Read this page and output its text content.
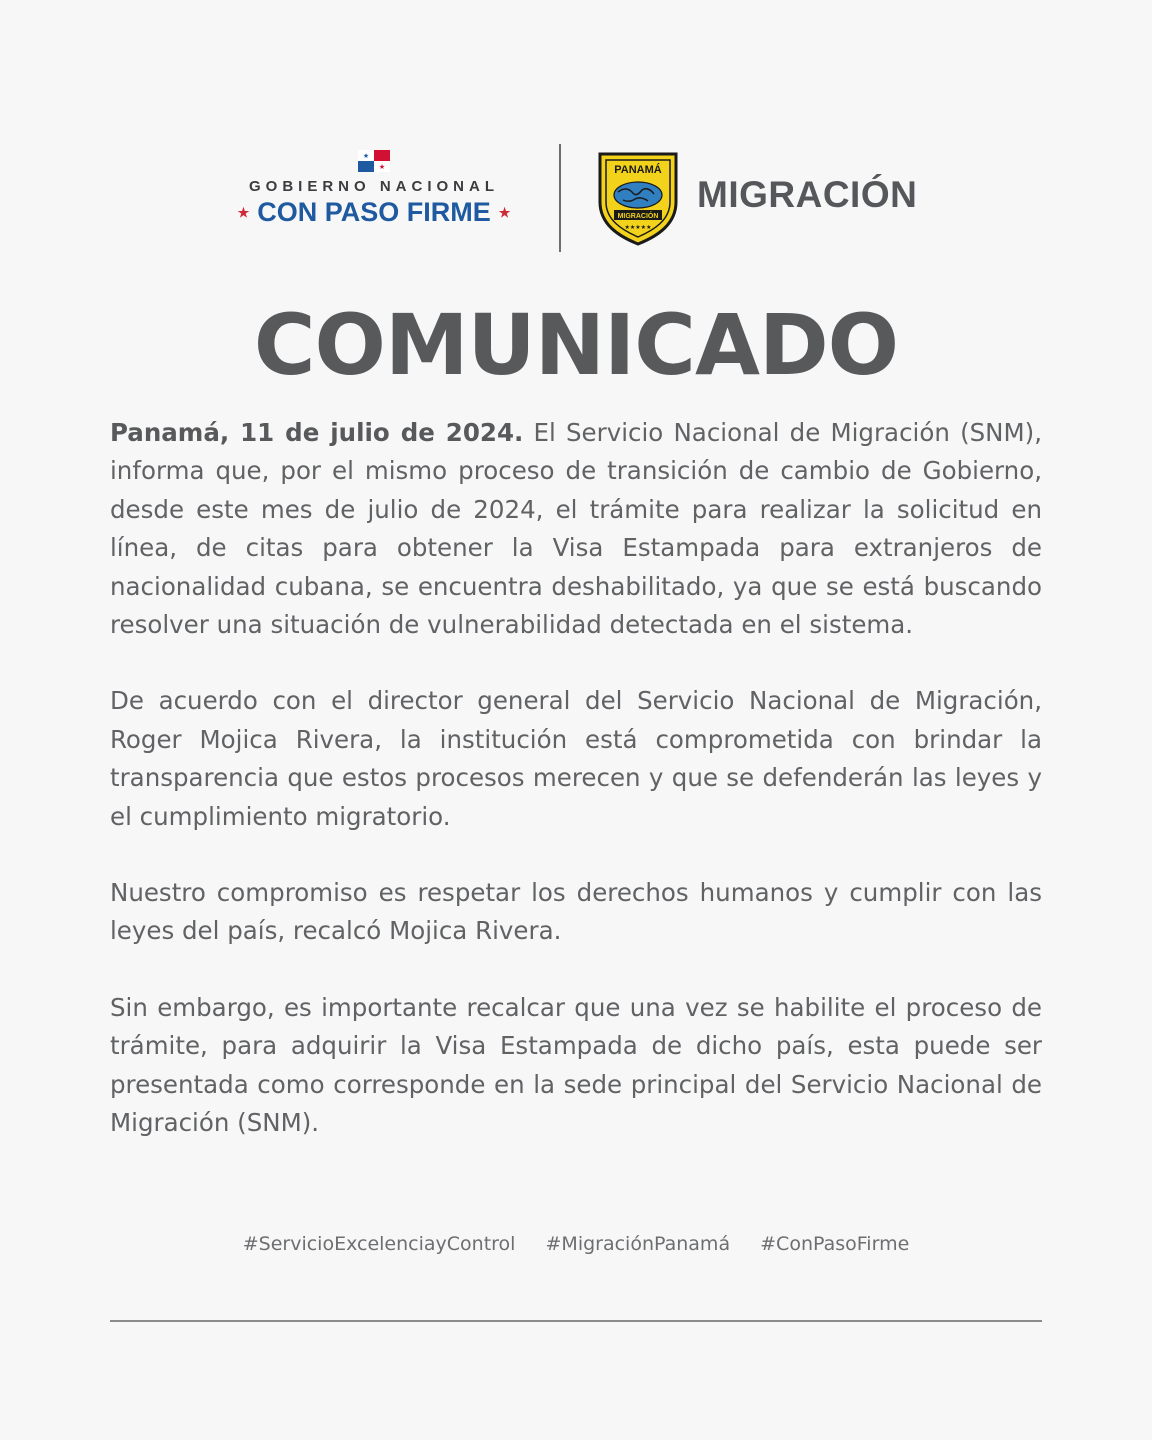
★
★
GOBIERNO NACIONAL
★ CON PASO FIRME ★
PANAMÁ
MIGRACIÓN
★★★★★
MIGRACIÓN
COMUNICADO

Panamá, 11 de julio de 2024. El Servicio Nacional de Migración (SNM), informa que, por el mismo proceso de transición de cambio de Gobierno, desde este mes de julio de 2024, el trámite para realizar la solicitud en línea, de citas para obtener la Visa Estampada para extranjeros de nacionalidad cubana, se encuentra deshabilitado, ya que se está buscando resolver una situación de vulnerabilidad detectada en el sistema.

De acuerdo con el director general del Servicio Nacional de Migración, Roger Mojica Rivera, la institución está comprometida con brindar la transparencia que estos procesos merecen y que se defenderán las leyes y el cumplimiento migratorio.

Nuestro compromiso es respetar los derechos humanos y cumplir con las leyes del país, recalcó Mojica Rivera.

Sin embargo, es importante recalcar que una vez se habilite el proceso de trámite, para adquirir la Visa Estampada de dicho país, esta puede ser presentada como corresponde en la sede principal del Servicio Nacional de Migración (SNM).

#ServicioExcelenciayControl #MigraciónPanamá #ConPasoFirme
